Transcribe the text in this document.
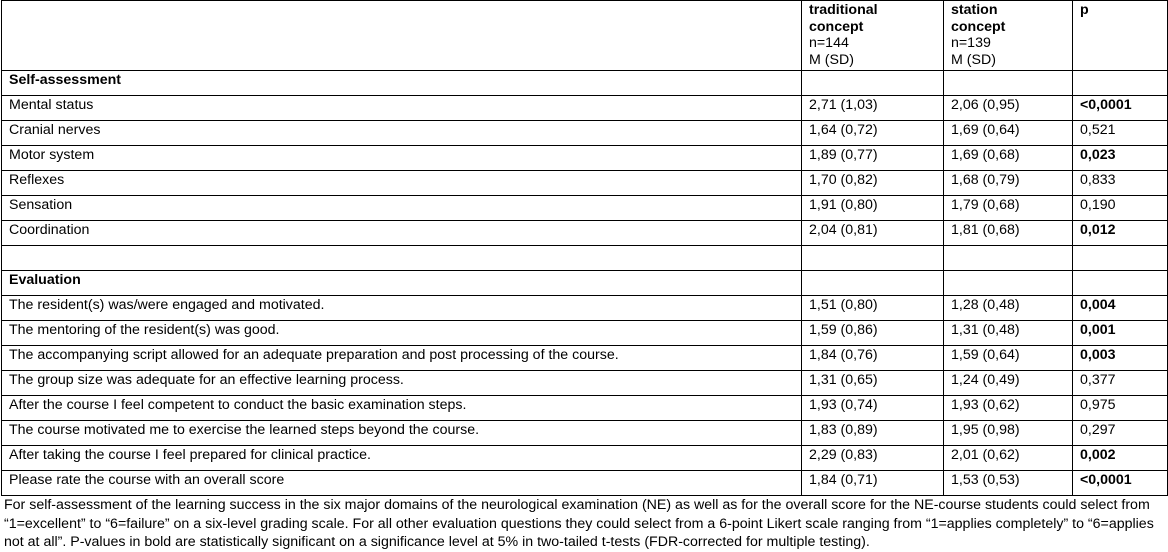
	traditional
concept
n=144
M (SD)	station
concept
n=139
M (SD)	p
Self-assessment			
Mental status	2,71 (1,03)	2,06 (0,95)	<0,0001
Cranial nerves	1,64 (0,72)	1,69 (0,64)	0,521
Motor system	1,89 (0,77)	1,69 (0,68)	0,023
Reflexes	1,70 (0,82)	1,68 (0,79)	0,833
Sensation	1,91 (0,80)	1,79 (0,68)	0,190
Coordination	2,04 (0,81)	1,81 (0,68)	0,012

Evaluation			
The resident(s) was/were engaged and motivated.	1,51 (0,80)	1,28 (0,48)	0,004
The mentoring of the resident(s) was good.	1,59 (0,86)	1,31 (0,48)	0,001
The accompanying script allowed for an adequate preparation and post processing of the course.	1,84 (0,76)	1,59 (0,64)	0,003
The group size was adequate for an effective learning process.	1,31 (0,65)	1,24 (0,49)	0,377
After the course I feel competent to conduct the basic examination steps.	1,93 (0,74)	1,93 (0,62)	0,975
The course motivated me to exercise the learned steps beyond the course.	1,83 (0,89)	1,95 (0,98)	0,297
After taking the course I feel prepared for clinical practice.	2,29 (0,83)	2,01 (0,62)	0,002
Please rate the course with an overall score	1,84 (0,71)	1,53 (0,53)	<0,0001
For self-assessment of the learning success in the six major domains of the neurological examination (NE) as well as for the overall score for the NE-course students could select from “1=excellent” to “6=failure” on a six-level grading scale. For all other evaluation questions they could select from a 6-point Likert scale ranging from “1=applies completely” to “6=applies not at all”. P-values in bold are statistically significant on a significance level at 5% in two-tailed t-tests (FDR-corrected for multiple testing).
